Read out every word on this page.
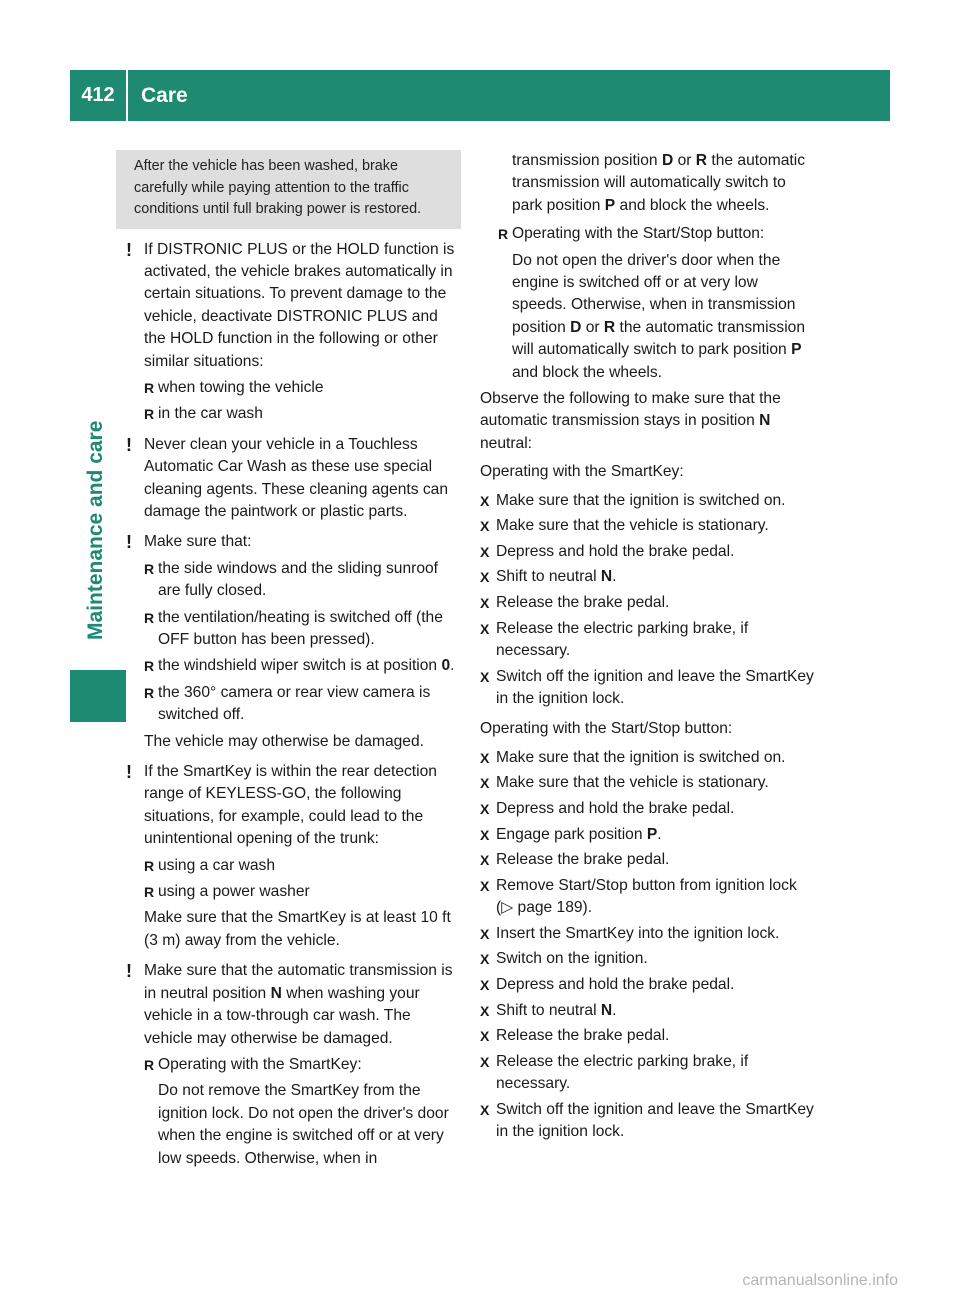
412	Care
Maintenance and care
After the vehicle has been washed, brake carefully while paying attention to the traffic conditions until full braking power is restored.
! If DISTRONIC PLUS or the HOLD function is activated, the vehicle brakes automatically in certain situations. To prevent damage to the vehicle, deactivate DISTRONIC PLUS and the HOLD function in the following or other similar situations:
R when towing the vehicle
R in the car wash
! Never clean your vehicle in a Touchless Automatic Car Wash as these use special cleaning agents. These cleaning agents can damage the paintwork or plastic parts.
! Make sure that:
R the side windows and the sliding sunroof are fully closed.
R the ventilation/heating is switched off (the OFF button has been pressed).
R the windshield wiper switch is at position 0.
R the 360° camera or rear view camera is switched off.
The vehicle may otherwise be damaged.
! If the SmartKey is within the rear detection range of KEYLESS-GO, the following situations, for example, could lead to the unintentional opening of the trunk:
R using a car wash
R using a power washer
Make sure that the SmartKey is at least 10 ft (3 m) away from the vehicle.
! Make sure that the automatic transmission is in neutral position N when washing your vehicle in a tow-through car wash. The vehicle may otherwise be damaged.
R Operating with the SmartKey:
Do not remove the SmartKey from the ignition lock. Do not open the driver's door when the engine is switched off or at very low speeds. Otherwise, when in
transmission position D or R the automatic transmission will automatically switch to park position P and block the wheels.
R Operating with the Start/Stop button:
Do not open the driver's door when the engine is switched off or at very low speeds. Otherwise, when in transmission position D or R the automatic transmission will automatically switch to park position P and block the wheels.
Observe the following to make sure that the automatic transmission stays in position N neutral:
Operating with the SmartKey:
X Make sure that the ignition is switched on.
X Make sure that the vehicle is stationary.
X Depress and hold the brake pedal.
X Shift to neutral N.
X Release the brake pedal.
X Release the electric parking brake, if necessary.
X Switch off the ignition and leave the SmartKey in the ignition lock.
Operating with the Start/Stop button:
X Make sure that the ignition is switched on.
X Make sure that the vehicle is stationary.
X Depress and hold the brake pedal.
X Engage park position P.
X Release the brake pedal.
X Remove Start/Stop button from ignition lock (▷ page 189).
X Insert the SmartKey into the ignition lock.
X Switch on the ignition.
X Depress and hold the brake pedal.
X Shift to neutral N.
X Release the brake pedal.
X Release the electric parking brake, if necessary.
X Switch off the ignition and leave the SmartKey in the ignition lock.
carmanualsonline.info
